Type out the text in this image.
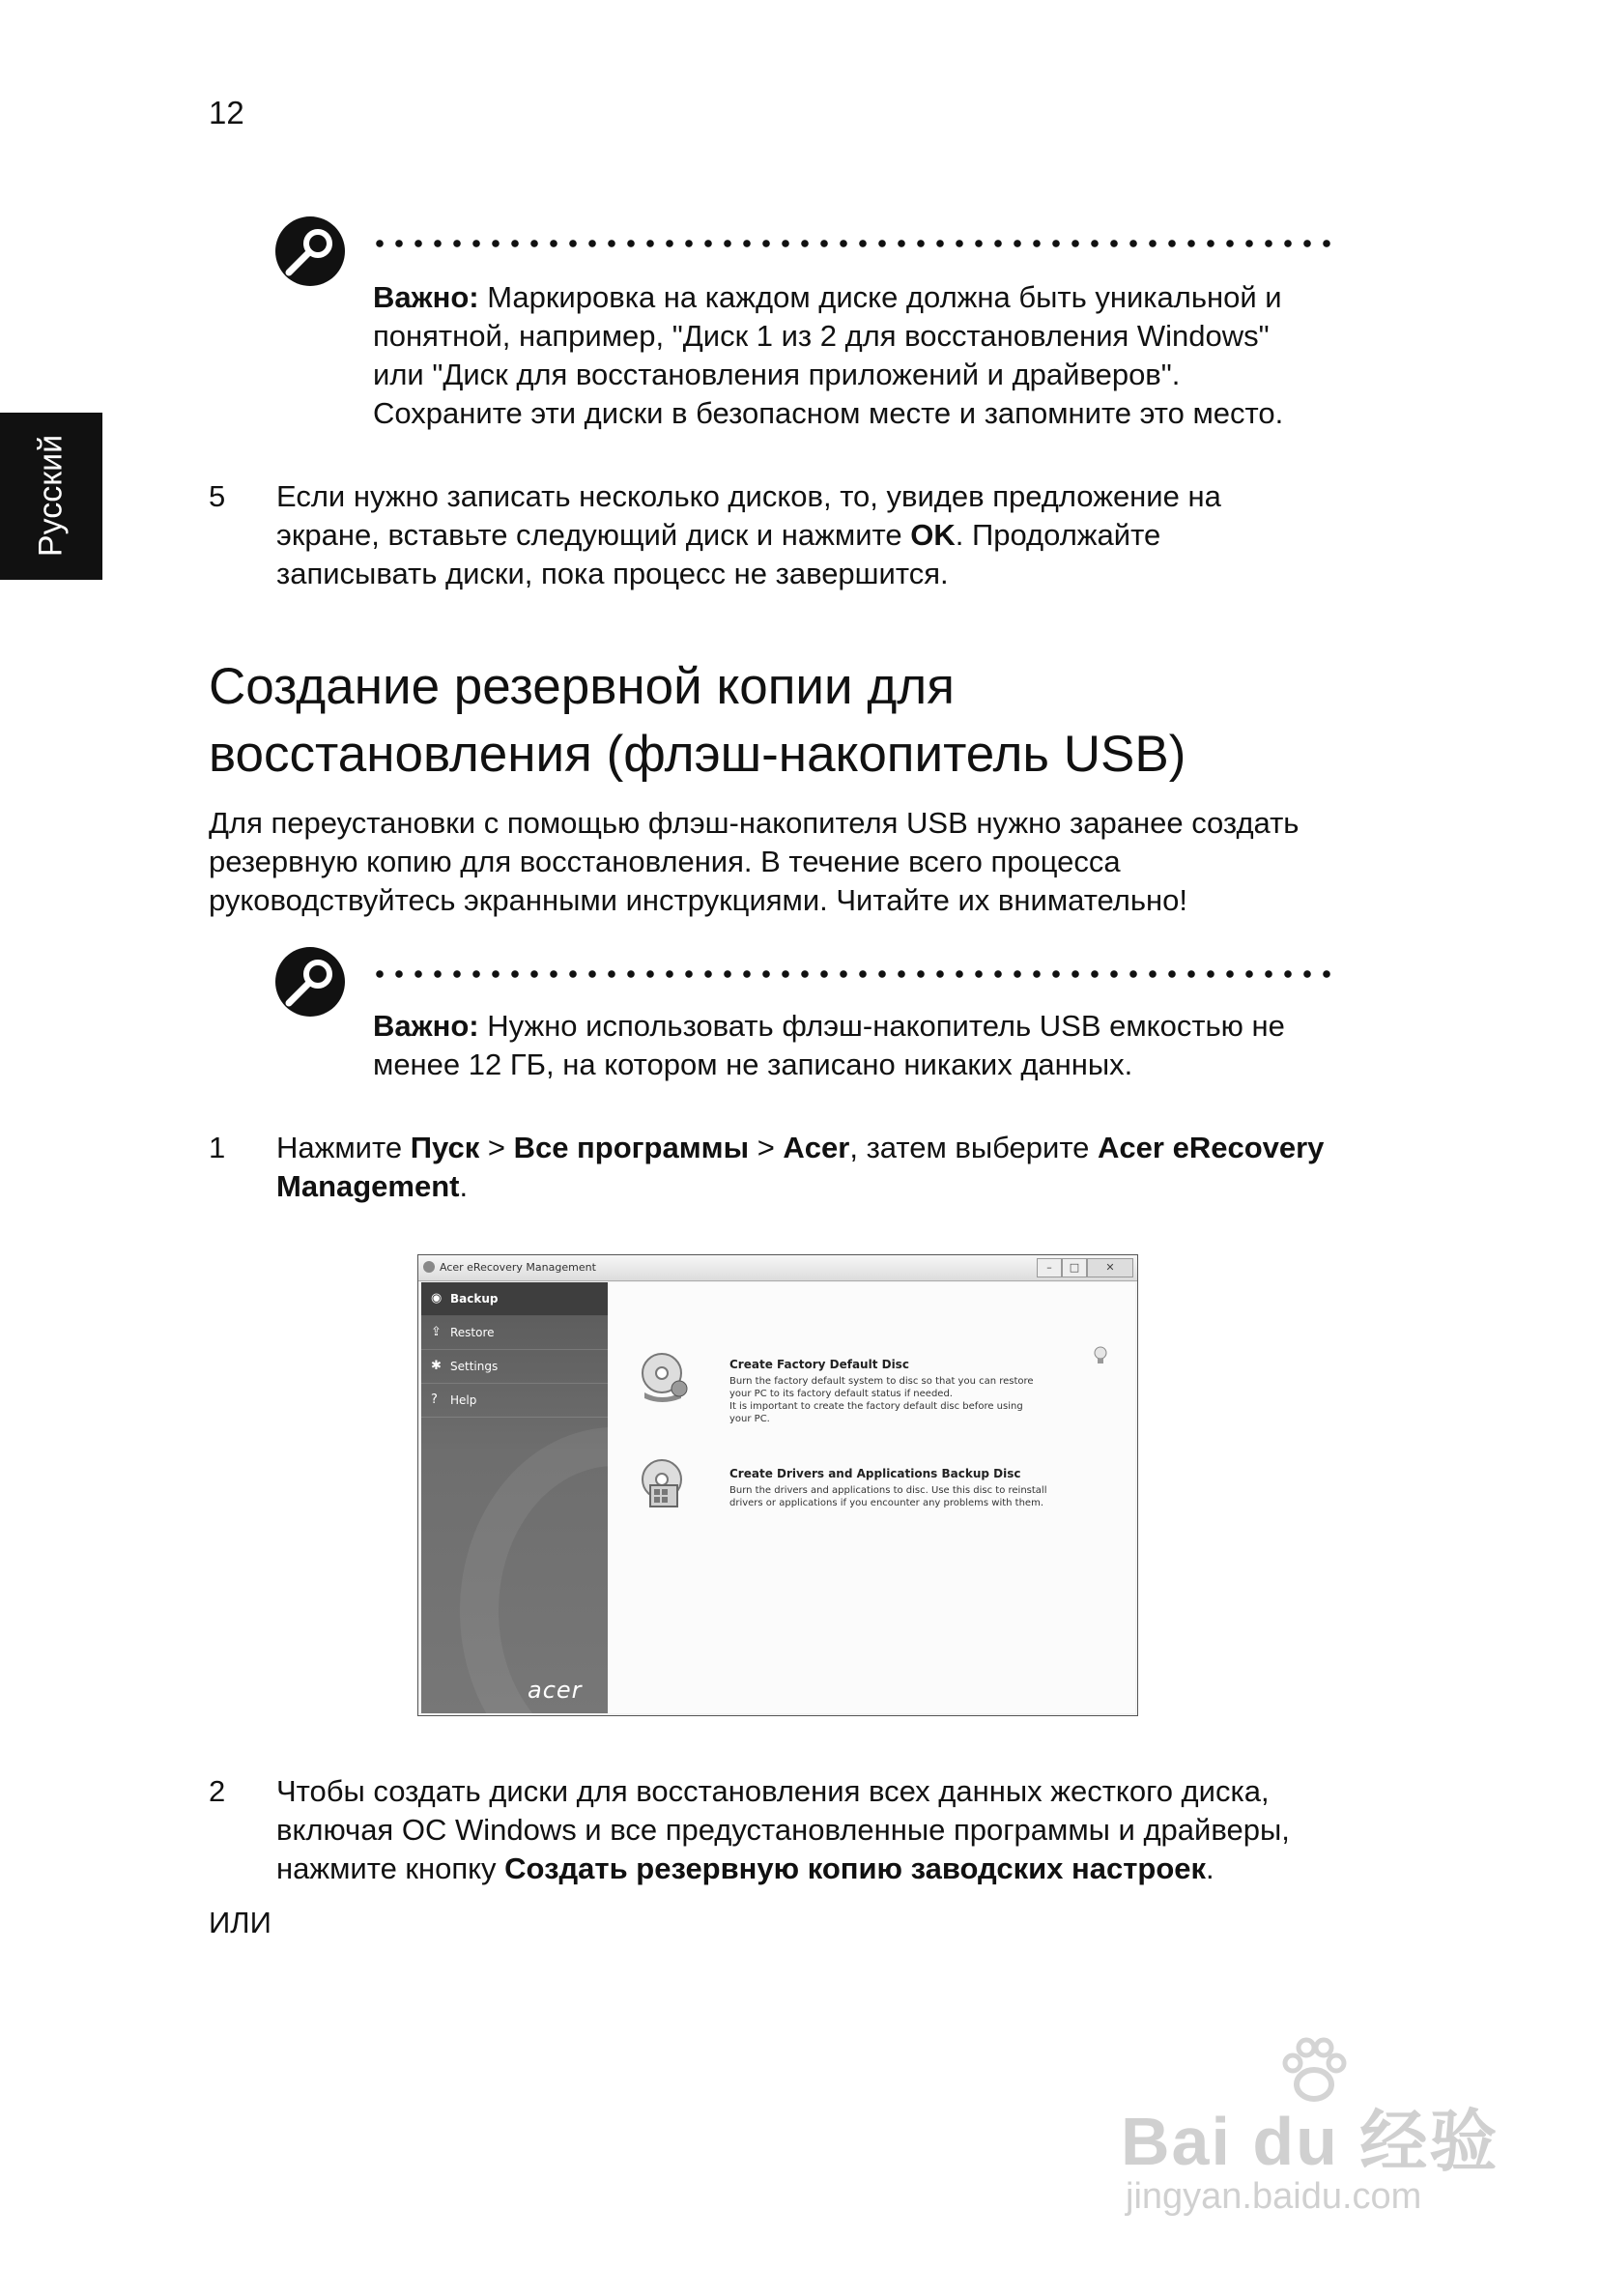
12
Русский

Важно: Маркировка на каждом диске должна быть уникальной и
понятной, например, "Диск 1 из 2 для восстановления Windows"
или "Диск для восстановления приложений и драйверов".
Сохраните эти диски в безопасном месте и запомните это место.

5 Если нужно записать несколько дисков, то, увидев предложение на
экране, вставьте следующий диск и нажмите OK. Продолжайте
записывать диски, пока процесс не завершится.

Создание резервной копии для
восстановления (флэш-накопитель USB)

Для переустановки с помощью флэш-накопителя USB нужно заранее создать
резервную копию для восстановления. В течение всего процесса
руководствуйтесь экранными инструкциями. Читайте их внимательно!

Важно: Нужно использовать флэш-накопитель USB емкостью не
менее 12 ГБ, на котором не записано никаких данных.

1 Нажмите Пуск > Все программы > Acer, затем выберите Acer eRecovery
Management.

Acer eRecovery Management	–	□	✕
◉ Backup
⇪ Restore
✱ Settings
? Help
acer
Create Factory Default Disc

Burn the factory default system to disc so that you can restore
your PC to its factory default status if needed.
It is important to create the factory default disc before using
your PC.

Create Drivers and Applications Backup Disc

Burn the drivers and applications to disc. Use this disc to reinstall
drivers or applications if you encounter any problems with them.

2 Чтобы создать диски для восстановления всех данных жесткого диска,
включая ОС Windows и все предустановленные программы и драйверы,
нажмите кнопку Создать резервную копию заводских настроек.

ИЛИ
Bai du 经验
jingyan.baidu.com
